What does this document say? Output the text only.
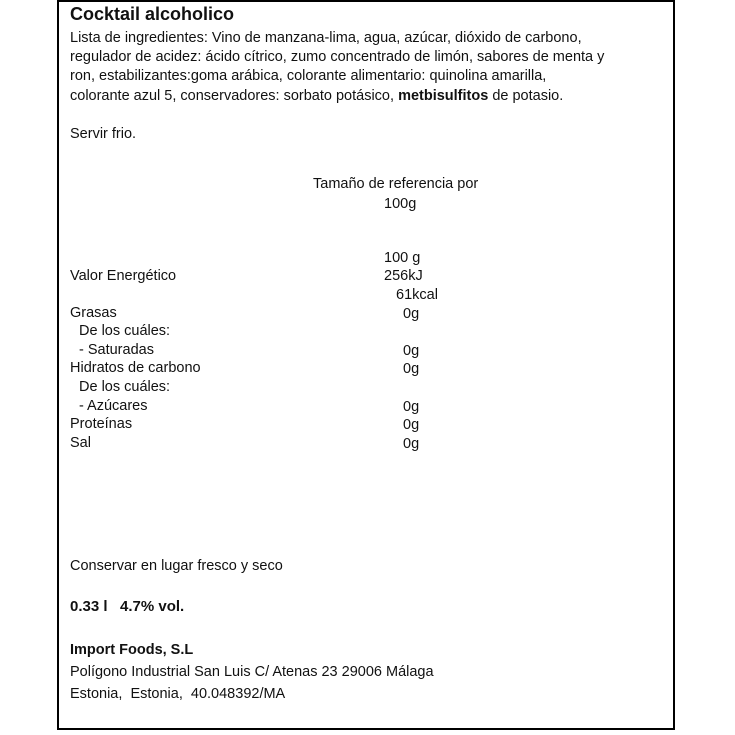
Cocktail alcoholico

Lista de ingredientes: Vino de manzana-lima, agua, azúcar, dióxido de carbono,

regulador de acidez: ácido cítrico, zumo concentrado de limón, sabores de menta y

ron, estabilizantes:goma arábica, colorante alimentario: quinolina amarilla,

colorante azul 5, conservadores: sorbato potásico, metbisulfitos de potasio.

Servir frio.
Tamaño de referencia por
100g
100 g
Valor Energético	256kJ
61kcal
Grasas	0g
De los cuáles:
- Saturadas	0g
Hidratos de carbono	0g
De los cuáles:
- Azúcares	0g
Proteínas	0g
Sal	0g
Conservar en lugar fresco y seco
0.33 l   4.7% vol.
Import Foods, S.L
Polígono Industrial San Luis C/ Atenas 23 29006 Málaga
Estonia,  Estonia,  40.048392/MA
